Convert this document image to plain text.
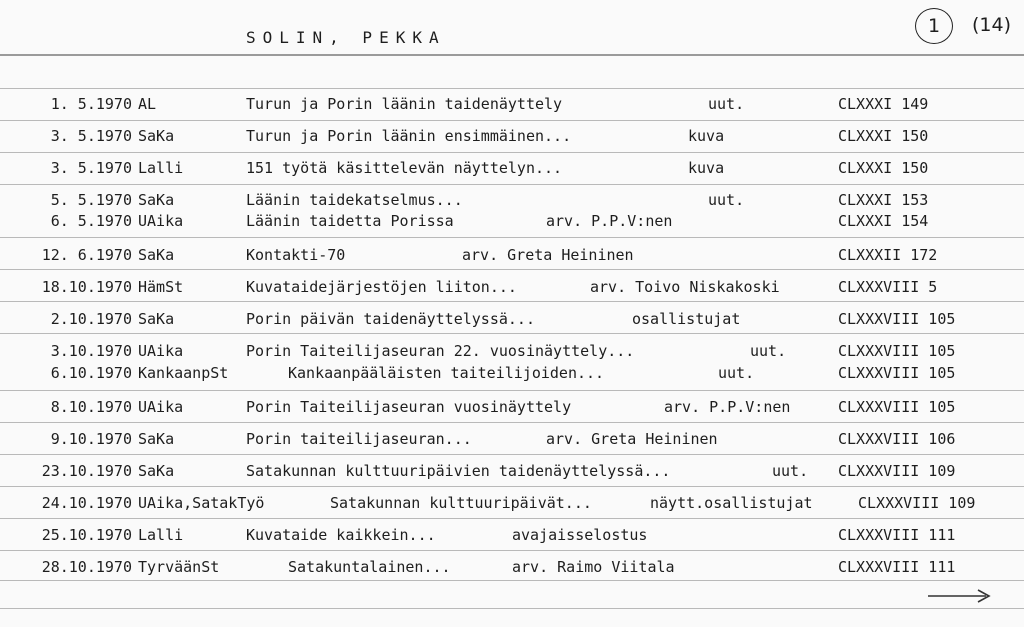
SOLIN, PEKKA
1	(14)
1. 5.1970 AL	Turun ja Porin läänin taidenäyttely	uut.	CLXXXI 149
3. 5.1970 SaKa	Turun ja Porin läänin ensimmäinen...	kuva	CLXXXI 150
3. 5.1970 Lalli	151 työtä käsittelevän näyttelyn...	kuva	CLXXXI 150
5. 5.1970 SaKa	Läänin taidekatselmus...	uut.	CLXXXI 153
6. 5.1970 UAika	Läänin taidetta Porissa	arv. P.P.V:nen	CLXXXI 154
12. 6.1970 SaKa	Kontakti-70	arv. Greta Heininen	CLXXXII 172
18.10.1970 HämSt	Kuvataidejärjestöjen liiton...	arv. Toivo Niskakoski	CLXXXVIII 5
2.10.1970 SaKa	Porin päivän taidenäyttelyssä...	osallistujat	CLXXXVIII 105
3.10.1970 UAika	Porin Taiteilijaseuran 22. vuosinäyttely...	uut.	CLXXXVIII 105
6.10.1970 KankaanpSt	Kankaanpääläisten taiteilijoiden...	uut.	CLXXXVIII 105
8.10.1970 UAika	Porin Taiteilijaseuran vuosinäyttely	arv. P.P.V:nen	CLXXXVIII 105
9.10.1970 SaKa	Porin taiteilijaseuran...	arv. Greta Heininen	CLXXXVIII 106
23.10.1970 SaKa	Satakunnan kulttuuripäivien taidenäyttelyssä...	uut. CLXXXVIII 109
24.10.1970 UAika,SatakTyö	Satakunnan kulttuuripäivät...	näytt.osallistujat	CLXXXVIII 109
25.10.1970 Lalli	Kuvataide kaikkein...	avajaisselostus	CLXXXVIII 111
28.10.1970 TyrväänSt	Satakuntalainen...	arv. Raimo Viitala	CLXXXVIII 111
